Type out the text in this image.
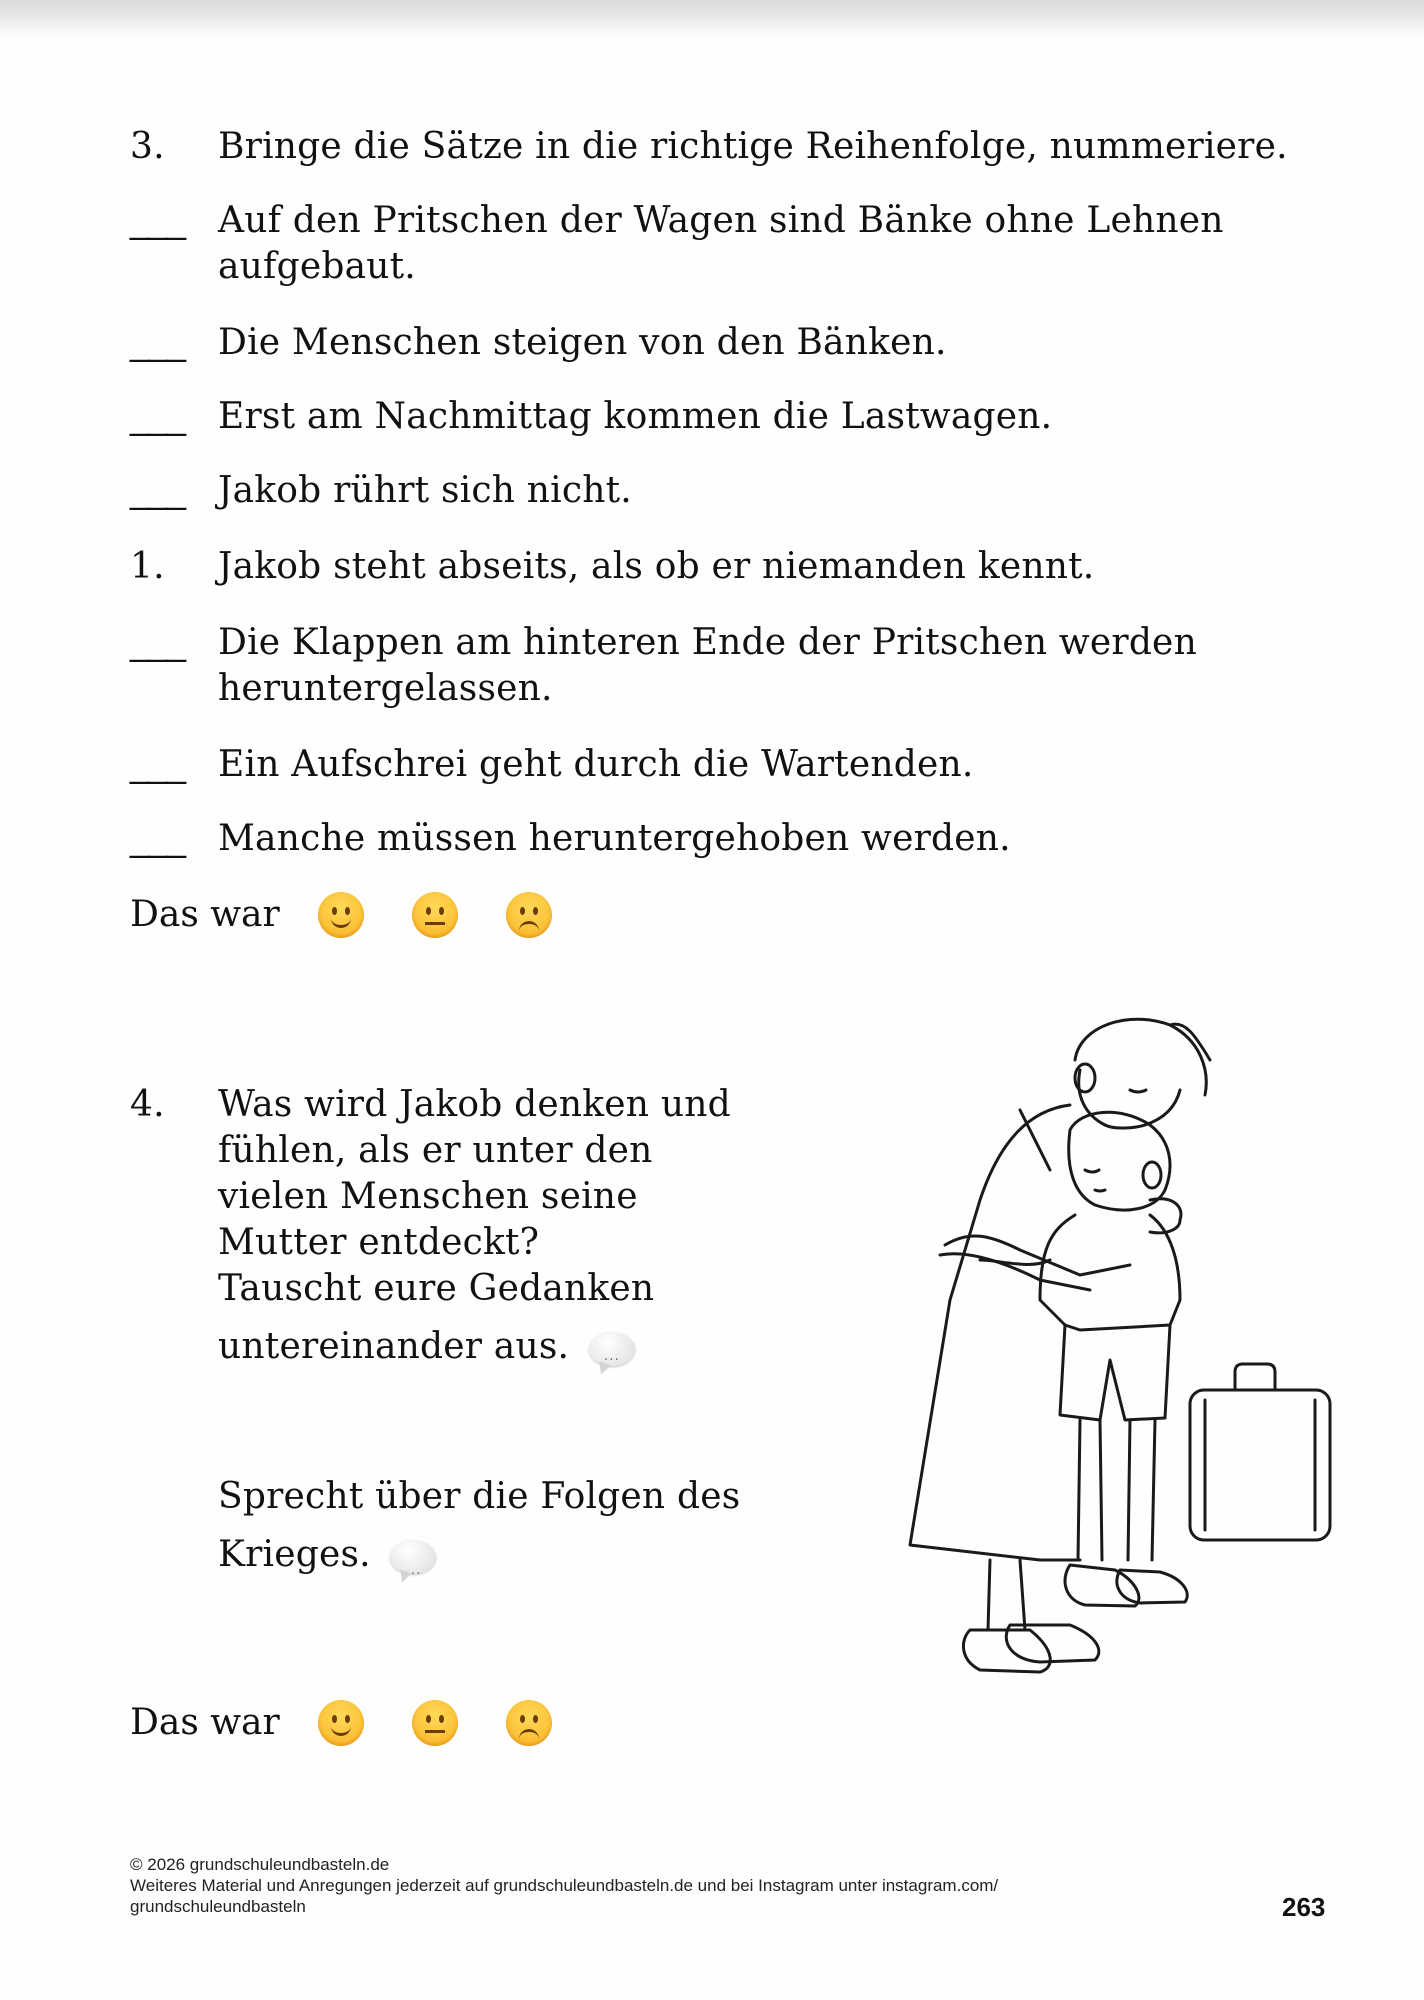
3.	Bringe die Sätze in die richtige Reihenfolge, nummeriere.
___ Auf den Pritschen der Wagen sind Bänke ohne Lehnen
aufgebaut.
___ Die Menschen steigen von den Bänken.
___ Erst am Nachmittag kommen die Lastwagen.
___ Jakob rührt sich nicht.
1.	Jakob steht abseits, als ob er niemanden kennt.
___ Die Klappen am hinteren Ende der Pritschen werden
heruntergelassen.
___ Ein Aufschrei geht durch die Wartenden.
___ Manche müssen heruntergehoben werden.
Das war
4.	Was wird Jakob denken und
fühlen, als er unter den
vielen Menschen seine
Mutter entdeckt?
Tauscht eure Gedanken
untereinander aus.	···
Sprecht über die Folgen des
Krieges.	···
Das war
© 2026 grundschuleundbasteln.de
Weiteres Material und Anregungen jederzeit auf grundschuleundbasteln.de und bei Instagram unter instagram.com/
grundschuleundbasteln	263
